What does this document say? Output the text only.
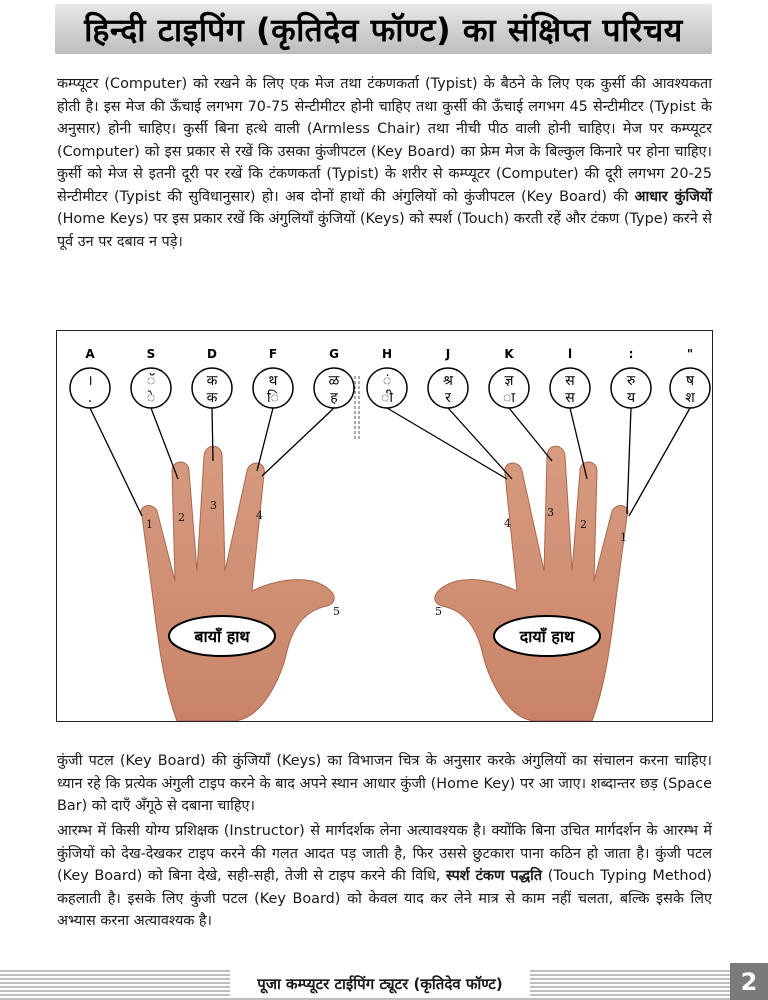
हिन्दी टाइपिंग (कृतिदेव फॉण्ट) का संक्षिप्त परिचय

कम्प्यूटर (Computer) को रखने के लिए एक मेज तथा टंकणकर्ता (Typist) के बैठने के लिए एक कुर्सी की आवश्यकता होती है। इस मेज की ऊँचाई लगभग 70-75 सेन्टीमीटर होनी चाहिए तथा कुर्सी की ऊँचाई लगभग 45 सेन्टीमीटर (Typist के अनुसार) होनी चाहिए। कुर्सी बिना हत्थे वाली (Armless Chair) तथा नीची पीठ वाली होनी चाहिए। मेज पर कम्प्यूटर (Computer) को इस प्रकार से रखें कि उसका कुंजीपटल (Key Board) का फ्रेम मेज के बिल्कुल किनारे पर होना चाहिए। कुर्सी को मेज से इतनी दूरी पर रखें कि टंकणकर्ता (Typist) के शरीर से कम्प्यूटर (Computer) की दूरी लगभग 20-25 सेन्टीमीटर (Typist की सुविधानुसार) हो। अब दोनों हाथों की अंगुलियों को कुंजीपटल (Key Board) की आधार कुंजियों (Home Keys) पर इस प्रकार रखें कि अंगुलियाँ कुंजियों (Keys) को स्पर्श (Touch) करती रहें और टंकण (Type) करने से पूर्व उन पर दबाव न पड़े।

बायाँ हाथ
1
2
3
4
5
दायाँ हाथ
1
2
3
4
5
A
।
.
S
ॅ
े
D
क
क
F
थ
ि
G
ळ
ह
H
ं
ी
J
श्र
र
K
ज्ञ
ा
l
स
स
:
रु
य
"
ष
श

कुंजी पटल (Key Board) की कुंजियाँ (Keys) का विभाजन चित्र के अनुसार करके अंगुलियों का संचालन करना चाहिए। ध्यान रहे कि प्रत्येक अंगुली टाइप करने के बाद अपने स्थान आधार कुंजी (Home Key) पर आ जाए। शब्दान्तर छड़ (Space Bar) को दाएँ अँगूठे से दबाना चाहिए।

आरम्भ में किसी योग्य प्रशिक्षक (Instructor) से मार्गदर्शक लेना अत्यावश्यक है। क्योंकि बिना उचित मार्गदर्शन के आरम्भ में कुंजियों को देख-देखकर टाइप करने की गलत आदत पड़ जाती है, फिर उससे छुटकारा पाना कठिन हो जाता है। कुंजी पटल (Key Board) को बिना देखे, सही-सही, तेजी से टाइप करने की विधि, स्पर्श टंकण पद्धति (Touch Typing Method) कहलाती है। इसके लिए कुंजी पटल (Key Board) को केवल याद कर लेने मात्र से काम नहीं चलता, बल्कि इसके लिए अभ्यास करना अत्यावश्यक है।

पूजा कम्प्यूटर टाईपिंग ट्यूटर (कृतिदेव फॉण्ट)	2
